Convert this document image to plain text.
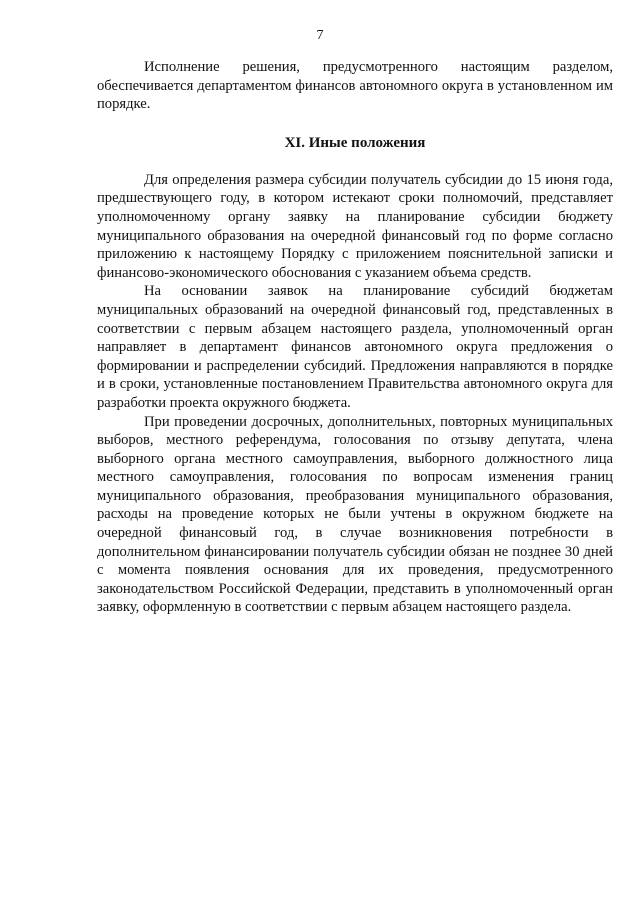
7

Исполнение решения, предусмотренного настоящим разделом, обеспечивается департаментом финансов автономного округа в установленном им порядке.

XI. Иные положения

Для определения размера субсидии получатель субсидии до 15 июня года, предшествующего году, в котором истекают сроки полномочий, представляет уполномоченному органу заявку на планирование субсидии бюджету муниципального образования на очередной финансовый год по форме согласно приложению к настоящему Порядку с приложением пояснительной записки и финансово-экономического обоснования с указанием объема средств.

На основании заявок на планирование субсидий бюджетам муниципальных образований на очередной финансовый год, представленных в соответствии с первым абзацем настоящего раздела, уполномоченный орган направляет в департамент финансов автономного округа предложения о формировании и распределении субсидий. Предложения направляются в порядке и в сроки, установленные постановлением Правительства автономного округа для разработки проекта окружного бюджета.

При проведении досрочных, дополнительных, повторных муниципальных выборов, местного референдума, голосования по отзыву депутата, члена выборного органа местного самоуправления, выборного должностного лица местного самоуправления, голосования по вопросам изменения границ муниципального образования, преобразования муниципального образования, расходы на проведение которых не были учтены в окружном бюджете на очередной финансовый год, в случае возникновения потребности в дополнительном финансировании получатель субсидии обязан не позднее 30 дней с момента появления основания для их проведения, предусмотренного законодательством Российской Федерации, представить в уполномоченный орган заявку, оформленную в соответствии с первым абзацем настоящего раздела.
